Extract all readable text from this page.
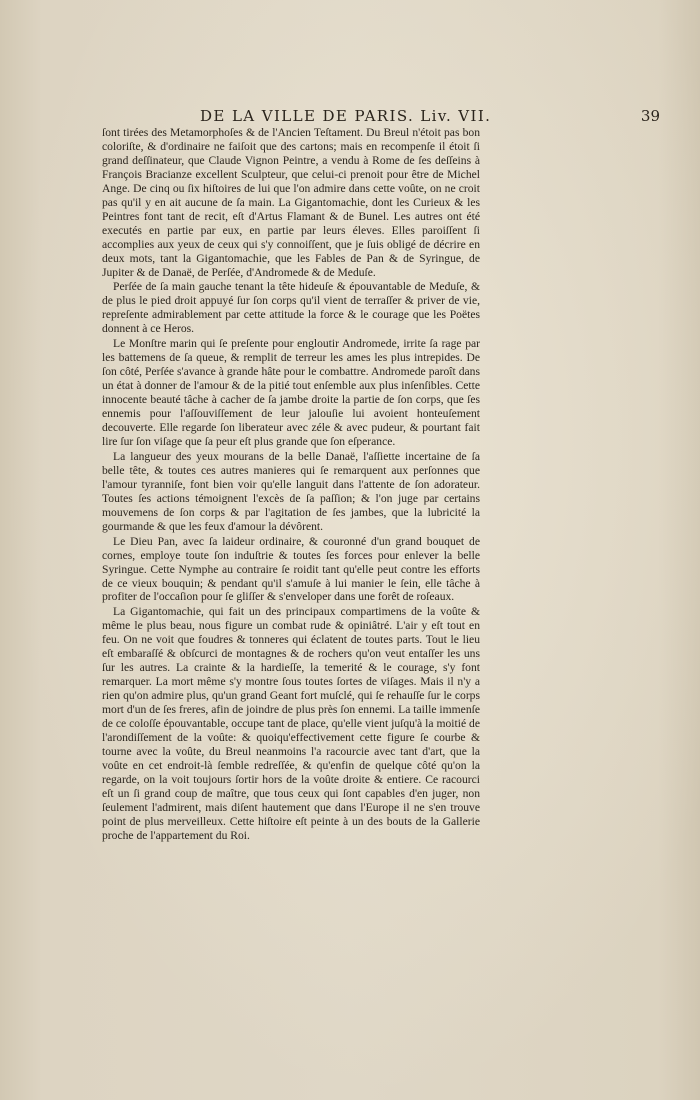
DE LA VILLE DE PARIS. Liv. VII.	39

ſont tirées des Metamorphoſes & de l'Ancien Teſtament. Du Breul n'étoit pas bon coloriſte, & d'ordinaire ne faiſoit que des cartons; mais en recompenſe il étoit ſi grand deſſinateur, que Claude Vignon Peintre, a vendu à Rome de ſes deſſeins à François Bracianze excellent Sculpteur, que celui-ci prenoit pour être de Michel Ange. De cinq ou ſix hiſtoires de lui que l'on admire dans cette voûte, on ne croit pas qu'il y en ait aucune de ſa main. La Gigantomachie, dont les Curieux & les Peintres font tant de recit, eſt d'Artus Flamant & de Bunel. Les autres ont été executés en partie par eux, en partie par leurs éleves. Elles paroiſſent ſi accomplies aux yeux de ceux qui s'y connoiſſent, que je ſuis obligé de décrire en deux mots, tant la Gigantomachie, que les Fables de Pan & de Syringue, de Jupiter & de Danaë, de Perſée, d'Andromede & de Meduſe.

Perſée de ſa main gauche tenant la tête hideuſe & épouvantable de Meduſe, & de plus le pied droit appuyé ſur ſon corps qu'il vient de terraſſer & priver de vie, repreſente admirablement par cette attitude la force & le courage que les Poëtes donnent à ce Heros.

Le Monſtre marin qui ſe preſente pour engloutir Andromede, irrite ſa rage par les battemens de ſa queue, & remplit de terreur les ames les plus intrepides. De ſon côté, Perſée s'avance à grande hâte pour le combattre. Andromede paroît dans un état à donner de l'amour & de la pitié tout enſemble aux plus inſenſibles. Cette innocente beauté tâche à cacher de ſa jambe droite la partie de ſon corps, que ſes ennemis pour l'aſſouviſſement de leur jalouſie lui avoient honteuſement decouverte. Elle regarde ſon liberateur avec zéle & avec pudeur, & pourtant fait lire ſur ſon viſage que ſa peur eſt plus grande que ſon eſperance.

La langueur des yeux mourans de la belle Danaë, l'aſſiette incertaine de ſa belle tête, & toutes ces autres manieres qui ſe remarquent aux perſonnes que l'amour tyranniſe, font bien voir qu'elle languit dans l'attente de ſon adorateur. Toutes ſes actions témoignent l'excès de ſa paſſion; & l'on juge par certains mouvemens de ſon corps & par l'agitation de ſes jambes, que la lubricité la gourmande & que les feux d'amour la dévôrent.

Le Dieu Pan, avec ſa laideur ordinaire, & couronné d'un grand bouquet de cornes, employe toute ſon induſtrie & toutes ſes forces pour enlever la belle Syringue. Cette Nymphe au contraire ſe roidit tant qu'elle peut contre les efforts de ce vieux bouquin; & pendant qu'il s'amuſe à lui manier le ſein, elle tâche à profiter de l'occaſion pour ſe gliſſer & s'enveloper dans une forêt de roſeaux.

La Gigantomachie, qui fait un des principaux compartimens de la voûte & même le plus beau, nous figure un combat rude & opiniâtré. L'air y eſt tout en feu. On ne voit que foudres & tonneres qui éclatent de toutes parts. Tout le lieu eſt embaraſſé & obſcurci de montagnes & de rochers qu'on veut entaſſer les uns ſur les autres. La crainte & la hardieſſe, la temerité & le courage, s'y font remarquer. La mort même s'y montre ſous toutes ſortes de viſages. Mais il n'y a rien qu'on admire plus, qu'un grand Geant fort muſclé, qui ſe rehauſſe ſur le corps mort d'un de ſes freres, afin de joindre de plus près ſon ennemi. La taille immenſe de ce coloſſe épouvantable, occupe tant de place, qu'elle vient juſqu'à la moitié de l'arondiſſement de la voûte: & quoiqu'effectivement cette figure ſe courbe & tourne avec la voûte, du Breul neanmoins l'a racourcie avec tant d'art, que la voûte en cet endroit-là ſemble redreſſée, & qu'enfin de quelque côté qu'on la regarde, on la voit toujours ſortir hors de la voûte droite & entiere. Ce racourci eſt un ſi grand coup de maître, que tous ceux qui ſont capables d'en juger, non ſeulement l'admirent, mais diſent hautement que dans l'Europe il ne s'en trouve point de plus merveilleux. Cette hiſtoire eſt peinte à un des bouts de la Gallerie proche de l'appartement du Roi.
